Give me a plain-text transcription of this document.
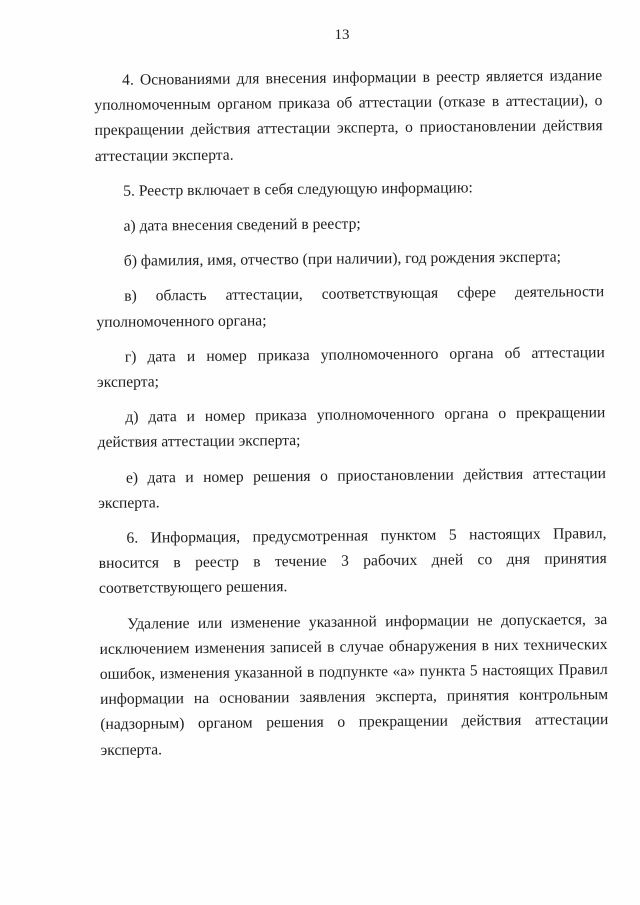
13

4. Основаниями для внесения информации в реестр является издание уполномоченным органом приказа об аттестации (отказе в аттестации), о прекращении действия аттестации эксперта, о приостановлении действия аттестации эксперта.

5. Реестр включает в себя следующую информацию:

а) дата внесения сведений в реестр;

б) фамилия, имя, отчество (при наличии), год рождения эксперта;

в) область аттестации, соответствующая сфере деятельности уполномоченного органа;

г) дата и номер приказа уполномоченного органа об аттестации эксперта;

д) дата и номер приказа уполномоченного органа о прекращении действия аттестации эксперта;

е) дата и номер решения о приостановлении действия аттестации эксперта.

6. Информация, предусмотренная пунктом 5 настоящих Правил, вносится в реестр в течение 3 рабочих дней со дня принятия соответствующего решения.

Удаление или изменение указанной информации не допускается, за исключением изменения записей в случае обнаружения в них технических ошибок, изменения указанной в подпункте «а» пункта 5 настоящих Правил информации на основании заявления эксперта, принятия контрольным (надзорным) органом решения о прекращении действия аттестации эксперта.
